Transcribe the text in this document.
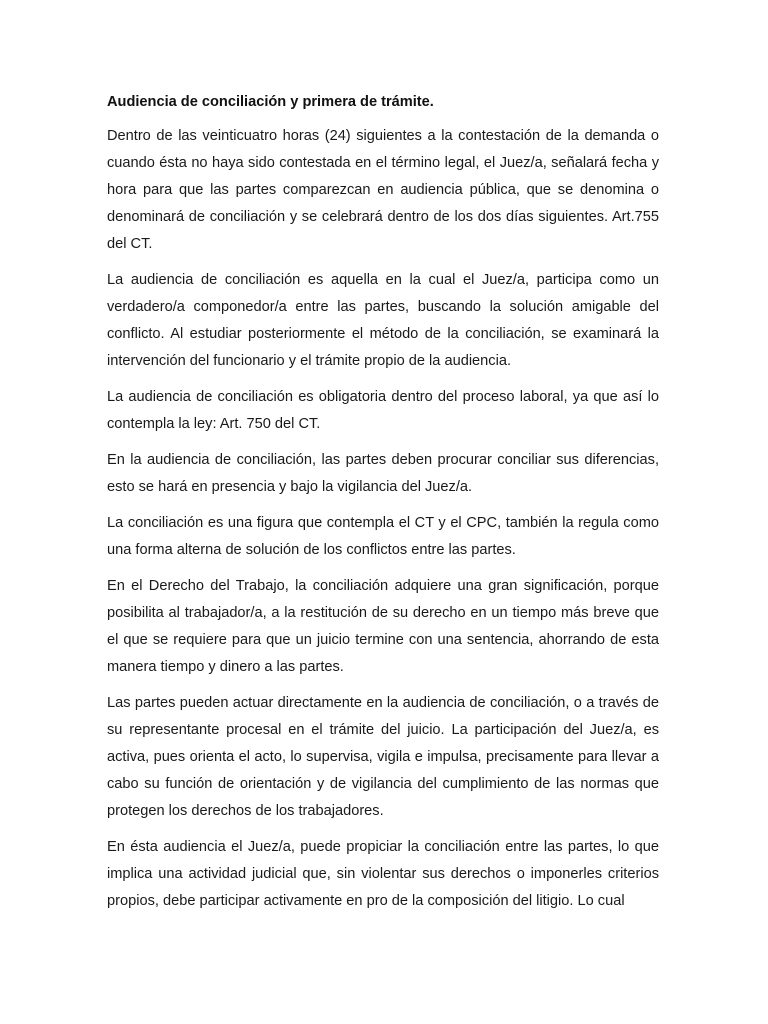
Audiencia de conciliación y primera de trámite.

Dentro de las veinticuatro horas (24) siguientes a la contestación de la demanda o cuando ésta no haya sido contestada en el término legal, el Juez/a, señalará fecha y hora para que las partes comparezcan en audiencia pública, que se denomina o denominará de conciliación y se celebrará dentro de los dos días siguientes. Art.755 del CT.

La audiencia de conciliación es aquella en la cual el Juez/a, participa como un verdadero/a componedor/a entre las partes, buscando la solución amigable del conflicto. Al estudiar posteriormente el método de la conciliación, se examinará la intervención del funcionario y el trámite propio de la audiencia.

La audiencia de conciliación es obligatoria dentro del proceso laboral, ya que así lo contempla la ley: Art. 750 del CT.

En la audiencia de conciliación, las partes deben procurar conciliar sus diferencias, esto se hará en presencia y bajo la vigilancia del Juez/a.

La conciliación es una figura que contempla el CT y el CPC, también la regula como una forma alterna de solución de los conflictos entre las partes.

En el Derecho del Trabajo, la conciliación adquiere una gran significación, porque posibilita al trabajador/a, a la restitución de su derecho en un tiempo más breve que el que se requiere para que un juicio termine con una sentencia, ahorrando de esta manera tiempo y dinero a las partes.

Las partes pueden actuar directamente en la audiencia de conciliación, o a través de su representante procesal en el trámite del juicio. La participación del Juez/a, es activa, pues orienta el acto, lo supervisa, vigila e impulsa, precisamente para llevar a cabo su función de orientación y de vigilancia del cumplimiento de las normas que protegen los derechos de los trabajadores.

En ésta audiencia el Juez/a, puede propiciar la conciliación entre las partes, lo que implica una actividad judicial que, sin violentar sus derechos o imponerles criterios propios, debe participar activamente en pro de la composición del litigio. Lo cual
